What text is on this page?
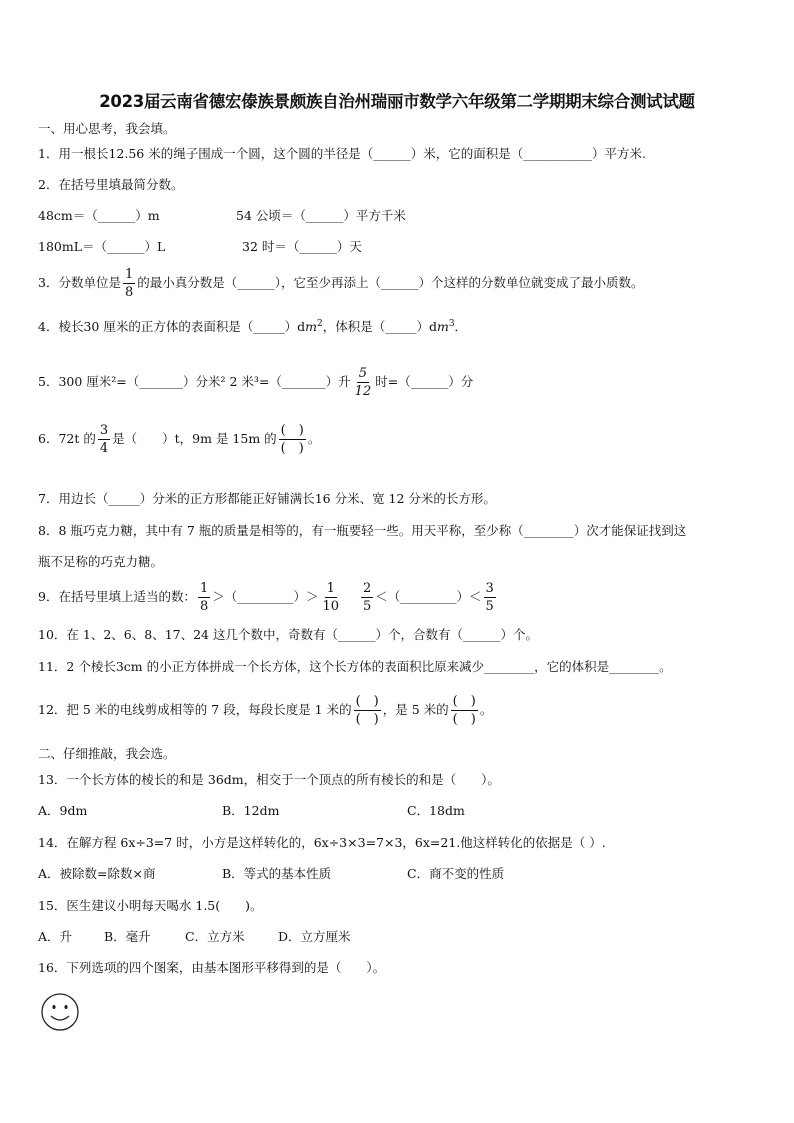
2023届云南省德宏傣族景颇族自治州瑞丽市数学六年级第二学期期末综合测试试题
一、用心思考，我会填。
1．用一根长12.56 米的绳子围成一个圆，这个圆的半径是（______）米，它的面积是（___________）平方米.
2．在括号里填最简分数。
48cm＝（______）m	54 公顷＝（______）平方千米
180mL＝（______）L	32 时＝（______）天
3．分数单位是 $\frac{1}{8}$ 的最小真分数是（______），它至少再添上（______）个这样的分数单位就变成了最小质数。
4．棱长30 厘米的正方体的表面积是$(\_\_\_\_\_)dm^2$，体积是$(\_\_\_\_\_)dm^3$．
5．300 厘米²=（_______）分米² 2 米³=（_______）升 $\frac{5}{12}$ 时=（______）分
6．72t 的 $\frac{3}{4}$ 是（　　）t，9m 是 15m 的 $\frac{( )}{( )}$ 。
7．用边长（_____）分米的正方形都能正好铺满长16 分米、宽 12 分米的长方形。
8．8 瓶巧克力糖，其中有 7 瓶的质量是相等的，有一瓶要轻一些。用天平称，至少称（________）次才能保证找到这
瓶不足称的巧克力糖。
9．在括号里填上适当的数： $\frac{1}{8}$ ＞（_________）＞ $\frac{1}{10}$
$\frac{2}{5}$ ＜（_________）＜ $\frac{3}{5}$
10．在 1、2、6、8、17、24 这几个数中，奇数有（______）个，合数有（______）个。
11．2 个棱长3cm 的小正方体拼成一个长方体，这个长方体的表面积比原来减少________，它的体积是________。
12．把 5 米的电线剪成相等的 7 段，每段长度是 1 米的 $\frac{( )}{( )}$ ，是 5 米的 $\frac{( )}{( )}$ 。
二、仔细推敲，我会选。
13．一个长方体的棱长的和是 36dm，相交于一个顶点的所有棱长的和是（　　）。
A．9dm	B．12dm	C．18dm
14．在解方程 6x÷3=7 时，小方是这样转化的，6x÷3×3=7×3，6x=21.他这样转化的依据是（ ）.
A．被除数=除数×商	B．等式的基本性质	C．商不变的性质
15．医生建议小明每天喝水 1.5(　　)。
A．升	B．毫升	C．立方米	D．立方厘米
16．下列选项的四个图案，由基本图形平移得到的是（　　）。
